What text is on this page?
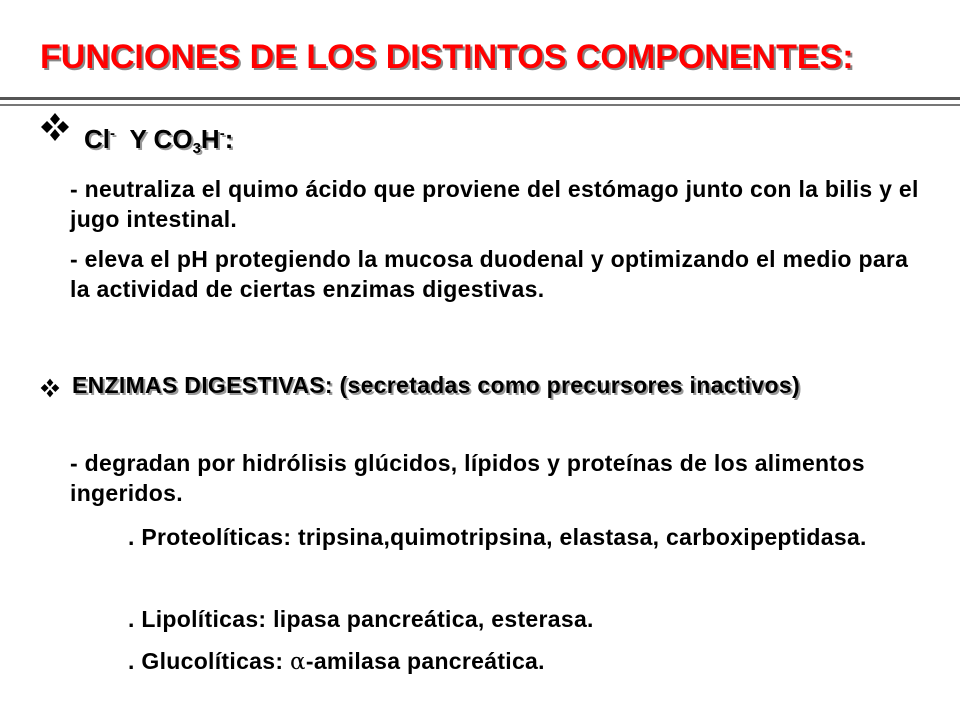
FUNCIONES DE LOS DISTINTOS COMPONENTES:
Cl- Y $CO_3H^-$:

- neutraliza el quimo ácido que proviene del estómago junto con la bilis y el jugo intestinal.

- eleva el pH protegiendo la mucosa duodenal y optimizando el medio para la actividad de ciertas enzimas digestivas.

ENZIMAS DIGESTIVAS: (secretadas como precursores inactivos)

- degradan por hidrólisis glúcidos, lípidos y proteínas de los alimentos ingeridos.

. Proteolíticas: tripsina,quimotripsina, elastasa, carboxipeptidasa.

. Lipolíticas: lipasa pancreática, esterasa.

. Glucolíticas: α-amilasa pancreática.
